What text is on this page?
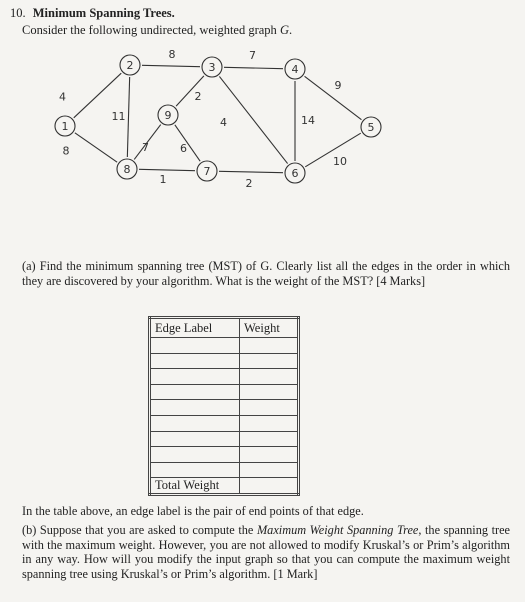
10. Minimum Spanning Trees.
Consider the following undirected, weighted graph G.
4
8
8
11
7
2
4
9
14
10
7	6
1	2
1
2	3	4
5
6
7
8
9
(a) Find the minimum spanning tree (MST) of G. Clearly list all the edges in the order in which they are discovered by your algorithm. What is the weight of the MST? [4 Marks]
Edge Label	Weight

Total Weight	
In the table above, an edge label is the pair of end points of that edge.
(b) Suppose that you are asked to compute the Maximum Weight Spanning Tree, the spanning tree with the maximum weight. However, you are not allowed to modify Kruskal’s or Prim’s algorithm in any way. How will you modify the input graph so that you can compute the maximum weight spanning tree using Kruskal’s or Prim’s algorithm. [1 Mark]
